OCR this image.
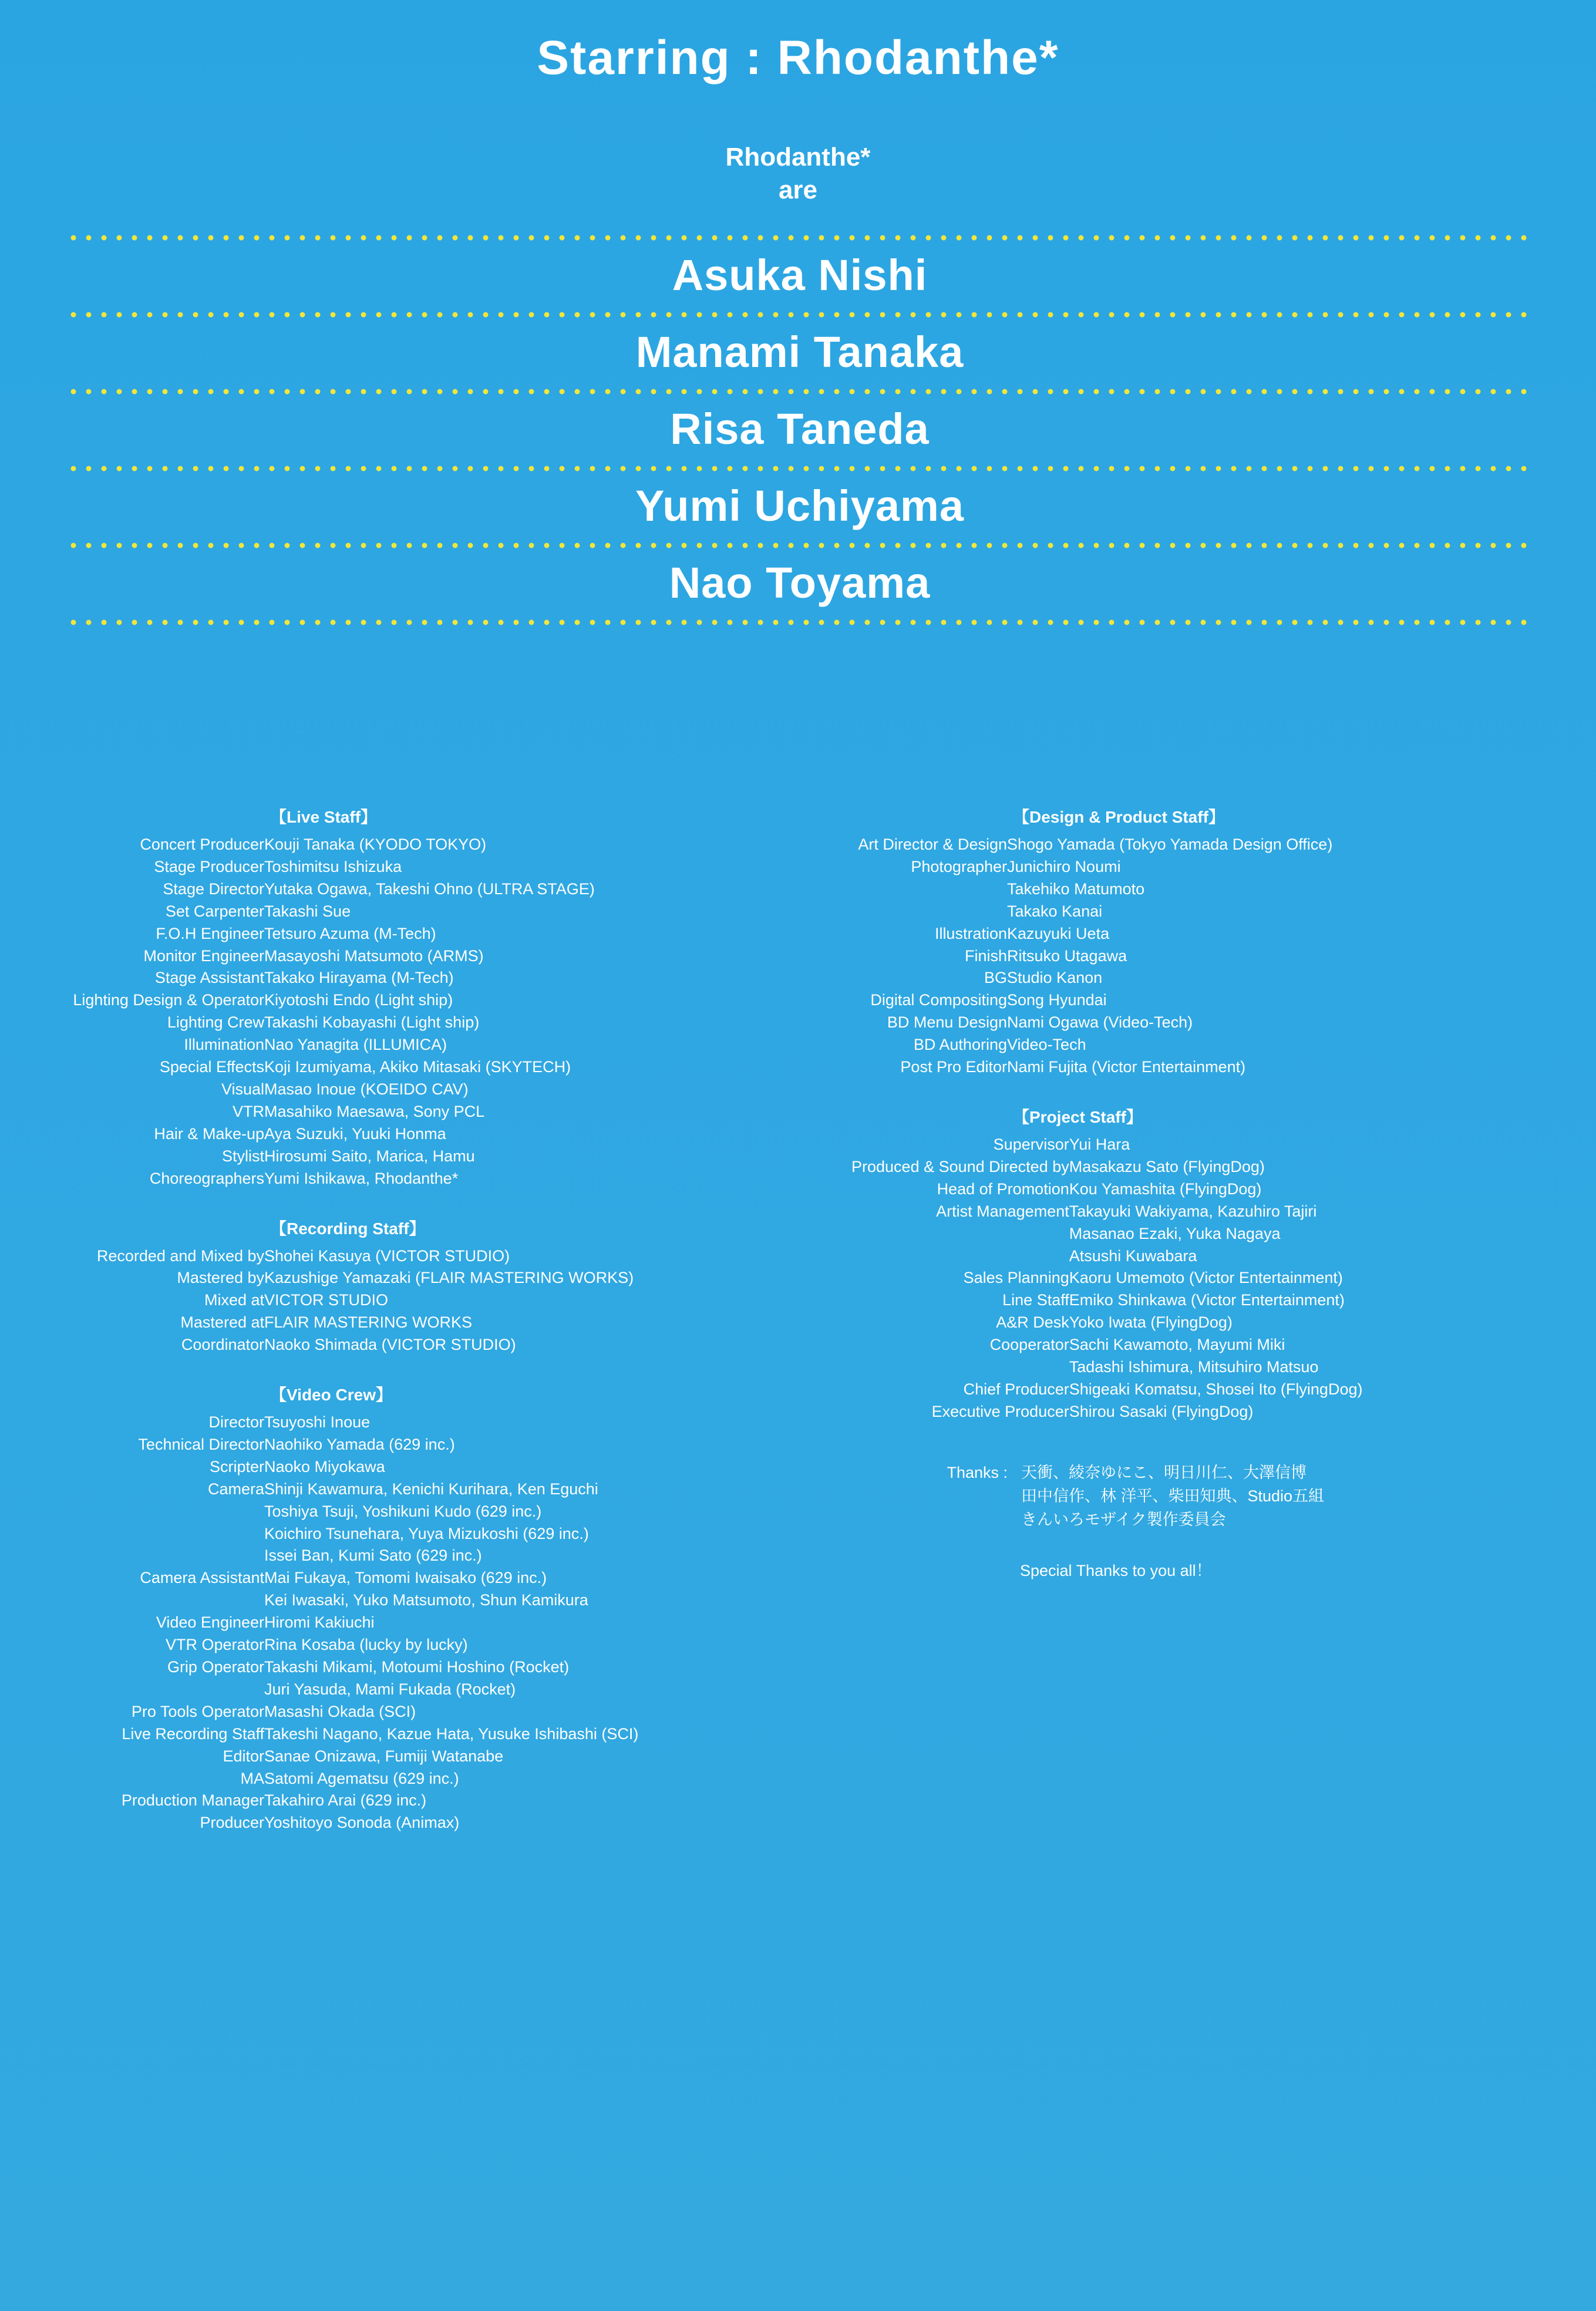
Starring : Rhodanthe*
Rhodanthe*
are
Asuka Nishi
Manami Tanaka
Risa Taneda
Yumi Uchiyama
Nao Toyama
【Live Staff】
Concert Producer	Kouji Tanaka (KYODO TOKYO)
Stage Producer	Toshimitsu Ishizuka
Stage Director	Yutaka Ogawa, Takeshi Ohno (ULTRA STAGE)
Set Carpenter	Takashi Sue
F.O.H Engineer	Tetsuro Azuma (M-Tech)
Monitor Engineer	Masayoshi Matsumoto (ARMS)
Stage Assistant	Takako Hirayama (M-Tech)
Lighting Design & Operator	Kiyotoshi Endo (Light ship)
Lighting Crew	Takashi Kobayashi (Light ship)
Illumination	Nao Yanagita (ILLUMICA)
Special Effects	Koji Izumiyama, Akiko Mitasaki (SKYTECH)
Visual	Masao Inoue (KOEIDO CAV)
VTR	Masahiko Maesawa, Sony PCL
Hair & Make-up	Aya Suzuki, Yuuki Honma
Stylist	Hirosumi Saito, Marica, Hamu
Choreographers	Yumi Ishikawa, Rhodanthe*
【Recording Staff】
Recorded and Mixed by	Shohei Kasuya (VICTOR STUDIO)
Mastered by	Kazushige Yamazaki (FLAIR MASTERING WORKS)
Mixed at	VICTOR STUDIO
Mastered at	FLAIR MASTERING WORKS
Coordinator	Naoko Shimada (VICTOR STUDIO)
【Video Crew】
Director	Tsuyoshi Inoue
Technical Director	Naohiko Yamada (629 inc.)
Scripter	Naoko Miyokawa
Camera	Shinji Kawamura, Kenichi Kurihara, Ken Eguchi
	Toshiya Tsuji, Yoshikuni Kudo (629 inc.)
	Koichiro Tsunehara, Yuya Mizukoshi (629 inc.)
	Issei Ban, Kumi Sato (629 inc.)
Camera Assistant	Mai Fukaya, Tomomi Iwaisako (629 inc.)
	Kei Iwasaki, Yuko Matsumoto, Shun Kamikura
Video Engineer	Hiromi Kakiuchi
VTR Operator	Rina Kosaba (lucky by lucky)
Grip Operator	Takashi Mikami, Motoumi Hoshino (Rocket)
	Juri Yasuda, Mami Fukada (Rocket)
Pro Tools Operator	Masashi Okada (SCI)
Live Recording Staff	Takeshi Nagano, Kazue Hata, Yusuke Ishibashi (SCI)
Editor	Sanae Onizawa, Fumiji Watanabe
MA	Satomi Agematsu (629 inc.)
Production Manager	Takahiro Arai (629 inc.)
Producer	Yoshitoyo Sonoda (Animax)
【Design & Product Staff】
Art Director & Design	Shogo Yamada (Tokyo Yamada Design Office)
Photographer	Junichiro Noumi
	Takehiko Matumoto
	Takako Kanai
Illustration	Kazuyuki Ueta
Finish	Ritsuko Utagawa
BG	Studio Kanon
Digital Compositing	Song Hyundai
BD Menu Design	Nami Ogawa (Video-Tech)
BD Authoring	Video-Tech
Post Pro Editor	Nami Fujita (Victor Entertainment)
【Project Staff】
Supervisor	Yui Hara
Produced & Sound Directed by	Masakazu Sato (FlyingDog)
Head of Promotion	Kou Yamashita (FlyingDog)
Artist Management	Takayuki Wakiyama, Kazuhiro Tajiri
	Masanao Ezaki, Yuka Nagaya
	Atsushi Kuwabara
Sales Planning	Kaoru Umemoto (Victor Entertainment)
Line Staff	Emiko Shinkawa (Victor Entertainment)
A&R Desk	Yoko Iwata (FlyingDog)
Cooperator	Sachi Kawamoto, Mayumi Miki
	Tadashi Ishimura, Mitsuhiro Matsuo
Chief Producer	Shigeaki Komatsu, Shosei Ito (FlyingDog)
Executive Producer	Shirou Sasaki (FlyingDog)
Thanks :	天衝、綾奈ゆにこ、明日川仁、大澤信博
	田中信作、林 洋平、柴田知典、Studio五組
	きんいろモザイク製作委員会
Special Thanks to you all！
